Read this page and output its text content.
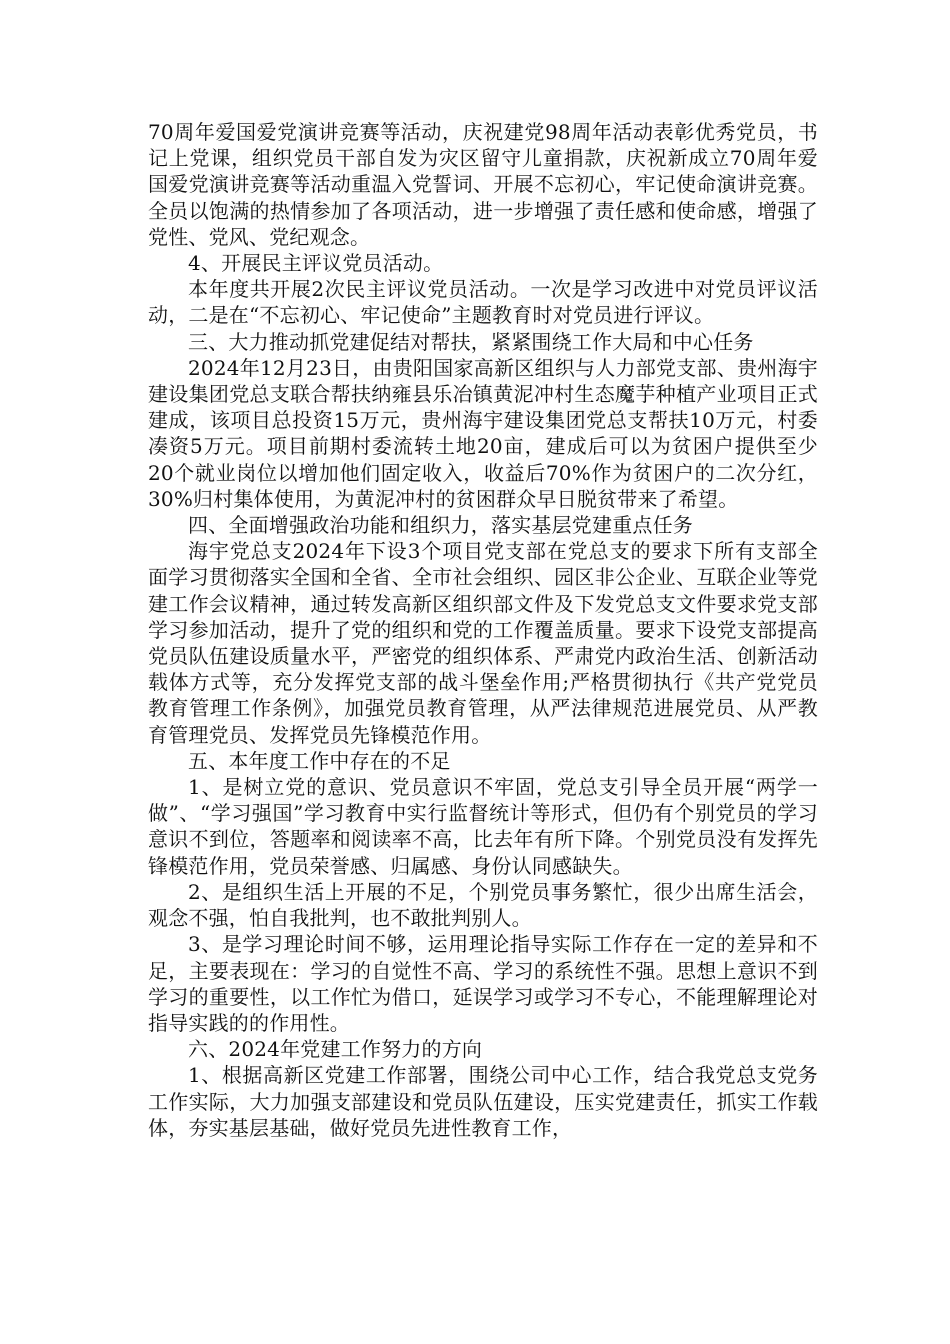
70周年爱国爱党演讲竞赛等活动，庆祝建党98周年活动表彰优秀党员，书记上党课，组织党员干部自发为灾区留守儿童捐款，庆祝新成立70周年爱国爱党演讲竞赛等活动重温入党誓词、开展不忘初心，牢记使命演讲竞赛。全员以饱满的热情参加了各项活动，进一步增强了责任感和使命感，增强了党性、党风、党纪观念。

4、开展民主评议党员活动。

本年度共开展2次民主评议党员活动。一次是学习改进中对党员评议活动，二是在“不忘初心、牢记使命”主题教育时对党员进行评议。

三、大力推动抓党建促结对帮扶，紧紧围绕工作大局和中心任务

2024年12月23日，由贵阳国家高新区组织与人力部党支部、贵州海宇建设集团党总支联合帮扶纳雍县乐冶镇黄泥冲村生态魔芋种植产业项目正式建成，该项目总投资15万元，贵州海宇建设集团党总支帮扶10万元，村委凑资5万元。项目前期村委流转土地20亩，建成后可以为贫困户提供至少20个就业岗位以增加他们固定收入，收益后70%作为贫困户的二次分红，30%归村集体使用，为黄泥冲村的贫困群众早日脱贫带来了希望。

四、全面增强政治功能和组织力，落实基层党建重点任务

海宇党总支2024年下设3个项目党支部在党总支的要求下所有支部全面学习贯彻落实全国和全省、全市社会组织、园区非公企业、互联企业等党建工作会议精神，通过转发高新区组织部文件及下发党总支文件要求党支部学习参加活动，提升了党的组织和党的工作覆盖质量。要求下设党支部提高党员队伍建设质量水平，严密党的组织体系、严肃党内政治生活、创新活动载体方式等，充分发挥党支部的战斗堡垒作用;严格贯彻执行《共产党党员教育管理工作条例》，加强党员教育管理，从严法律规范进展党员、从严教育管理党员、发挥党员先锋模范作用。

五、本年度工作中存在的不足

1、是树立党的意识、党员意识不牢固，党总支引导全员开展“两学一做”、“学习强国”学习教育中实行监督统计等形式，但仍有个别党员的学习意识不到位，答题率和阅读率不高，比去年有所下降。个别党员没有发挥先锋模范作用，党员荣誉感、归属感、身份认同感缺失。

2、是组织生活上开展的不足，个别党员事务繁忙，很少出席生活会，观念不强，怕自我批判，也不敢批判别人。

3、是学习理论时间不够，运用理论指导实际工作存在一定的差异和不足，主要表现在：学习的自觉性不高、学习的系统性不强。思想上意识不到学习的重要性，以工作忙为借口，延误学习或学习不专心，不能理解理论对指导实践的的作用性。

六、2024年党建工作努力的方向

1、根据高新区党建工作部署，围绕公司中心工作，结合我党总支党务工作实际，大力加强支部建设和党员队伍建设，压实党建责任，抓实工作载体，夯实基层基础，做好党员先进性教育工作，
